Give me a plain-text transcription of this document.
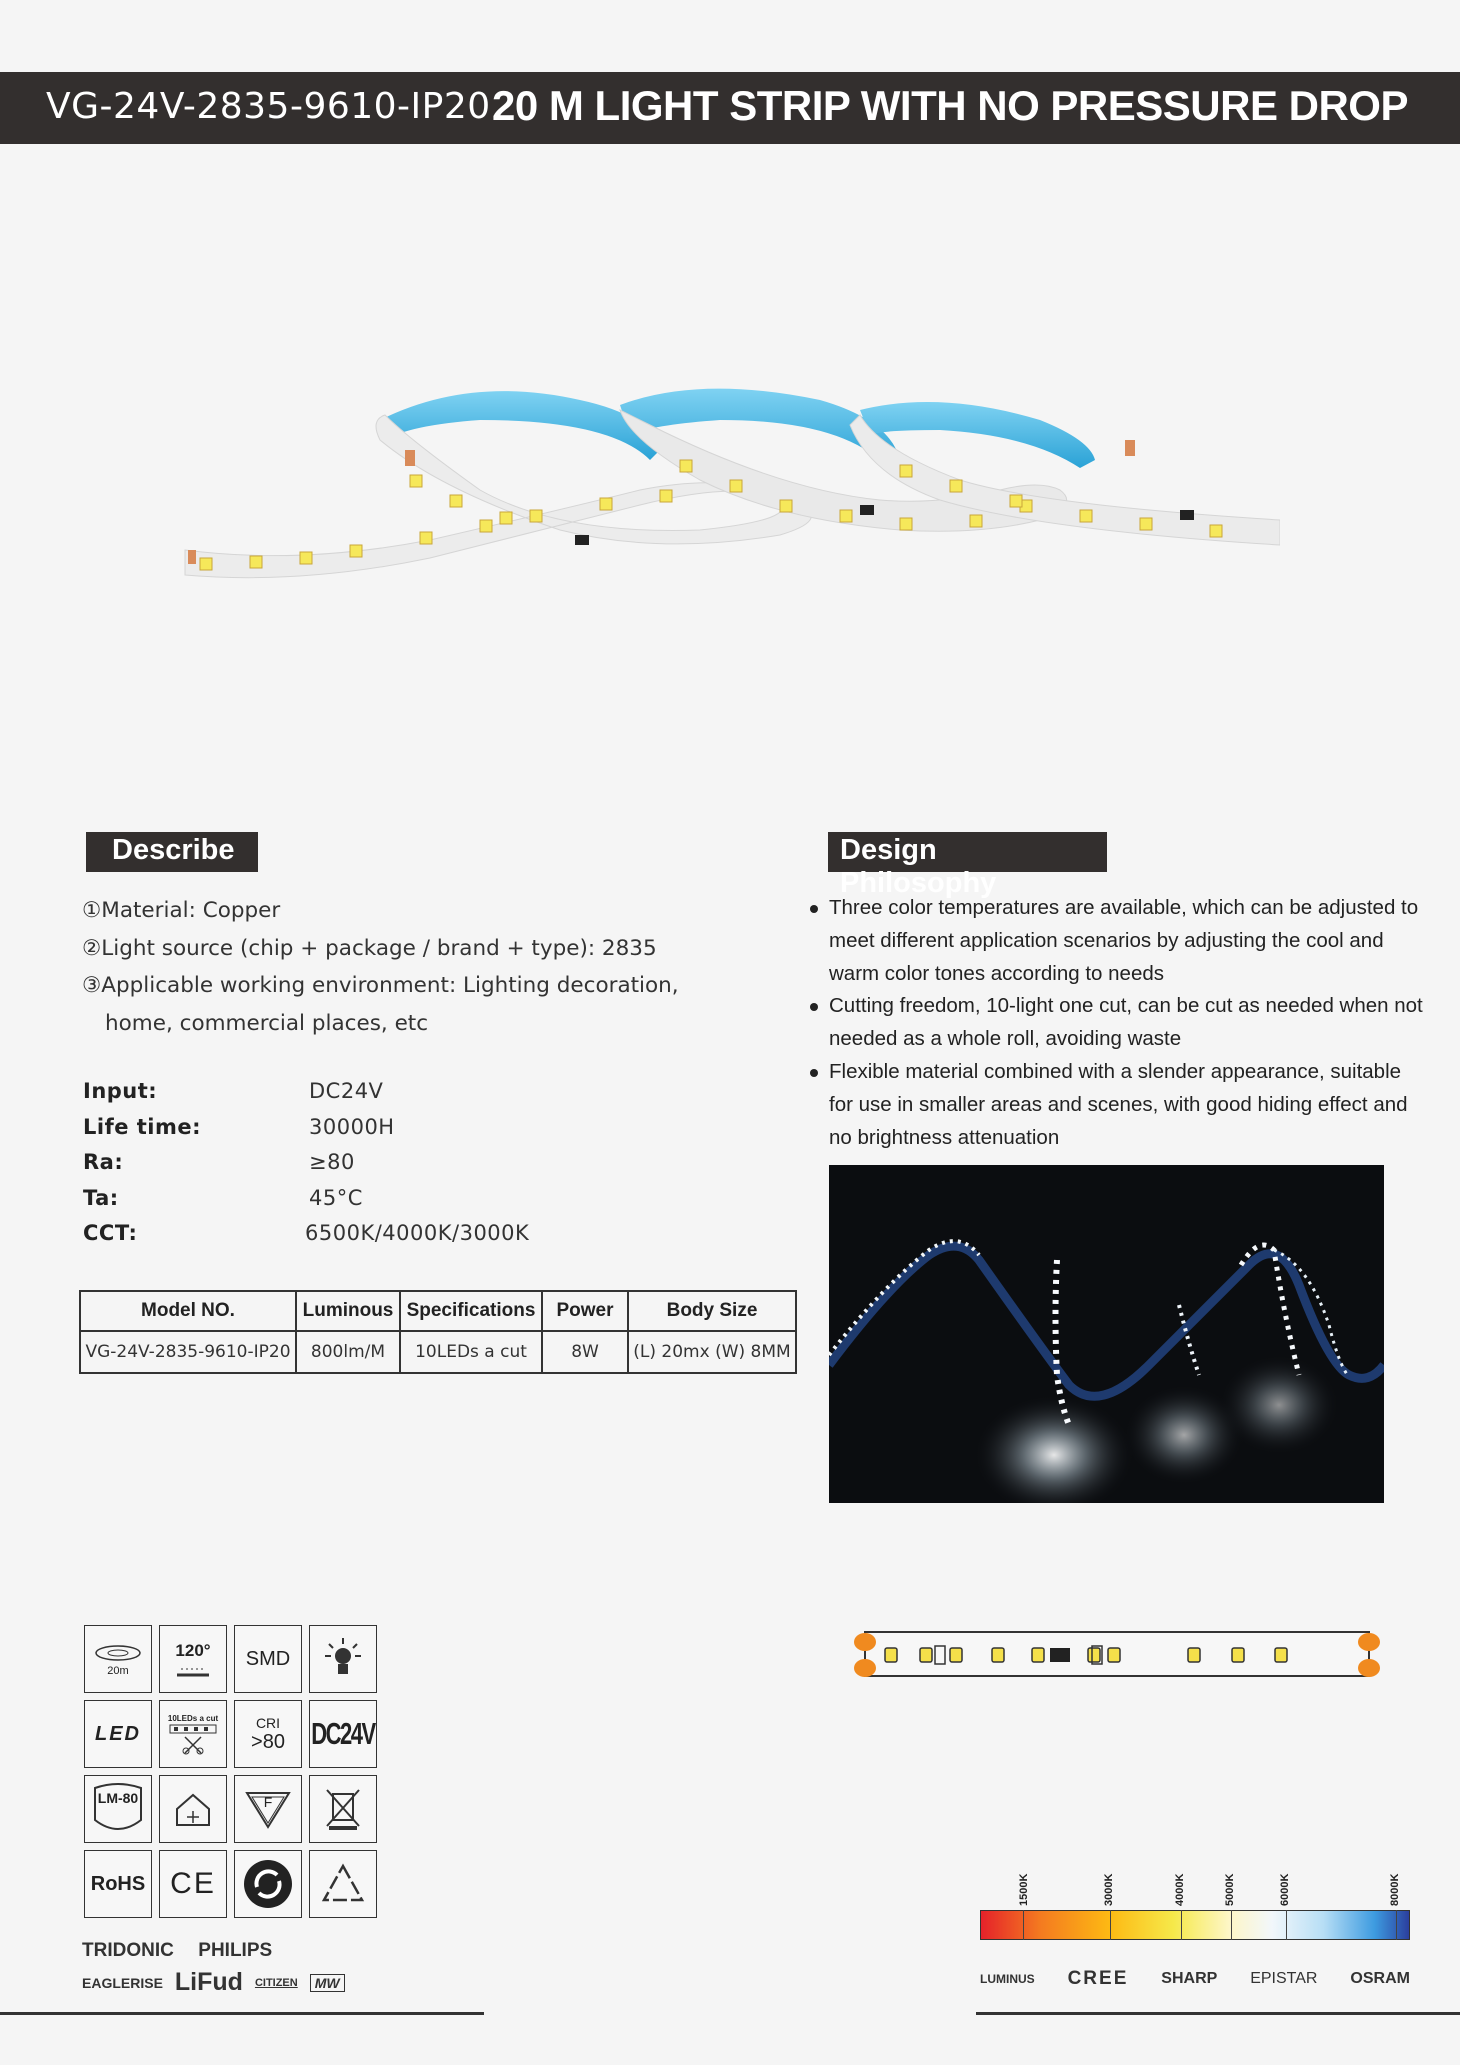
VG-24V-2835-9610-IP20 20 M LIGHT STRIP WITH NO PRESSURE DROP
Describe
①Material: Copper
②Light source (chip + package / brand + type): 2835
③Applicable working environment: Lighting decoration,
home, commercial places, etc
Input:	DC24V
Life time:	30000H
Ra:	≥80
Ta:	45°C
CCT:	6500K/4000K/3000K
Model NO.	Luminous	Specifications	Power	Body Size
VG-24V-2835-9610-IP20	800lm/M	10LEDs a cut	8W	(L) 20mx (W) 8MM
Design Philosophy
Three color temperatures are available, which can be adjusted to meet different application scenarios by adjusting the cool and warm color tones according to needs
Cutting freedom, 10-light one cut, can be cut as needed when not needed as a whole roll, avoiding waste
Flexible material combined with a slender appearance, suitable for use in smaller areas and scenes, with good hiding effect and no brightness attenuation
20m
120° SMD
LED
10LEDs a cut	CRI
>80 DC24V
LM-80	F
RoHS CE
TRIDONIC PHILIPS
EAGLERISE LiFud CITIZEN	MW
1500K	3000K	4000K	5000K	6000K	8000K
LUMINUS CREE SHARP EPISTAR OSRAM
